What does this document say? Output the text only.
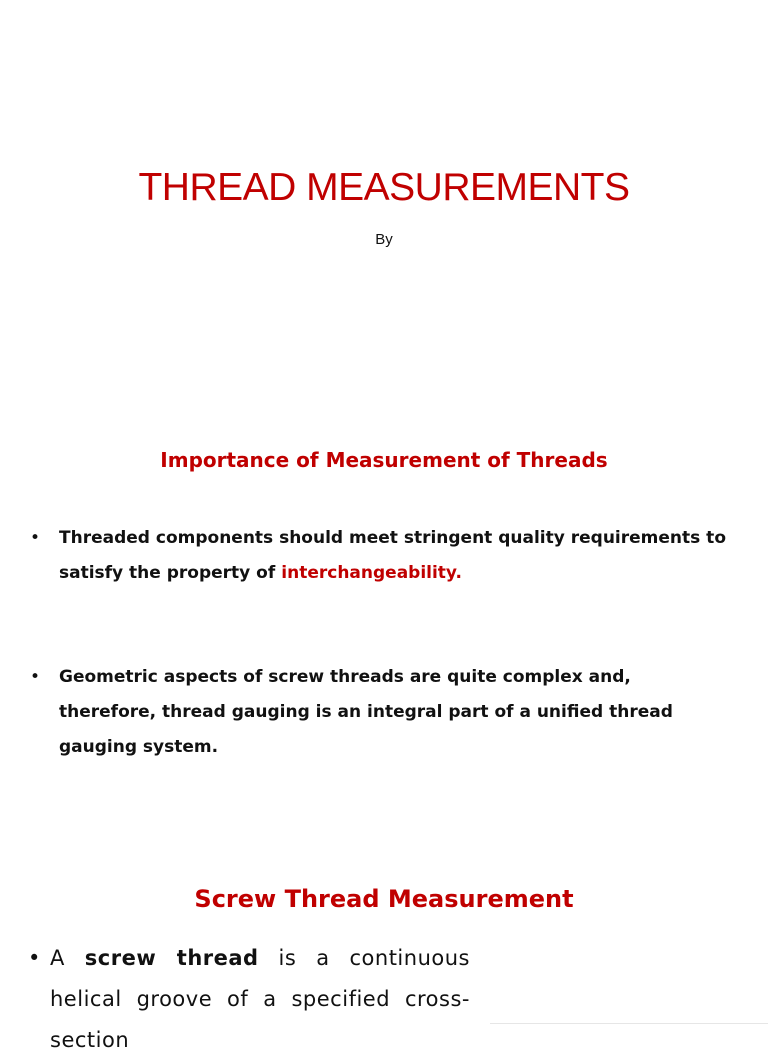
THREAD MEASUREMENTS
By
Importance of Measurement of Threads
•	Threaded components should meet stringent quality requirements to satisfy the property of interchangeability.
•	Geometric aspects of screw threads are quite complex and, therefore, thread gauging is an integral part of a unified thread gauging system.
Screw Thread Measurement
• A screw thread is a continuous helical groove of a specified cross-section
